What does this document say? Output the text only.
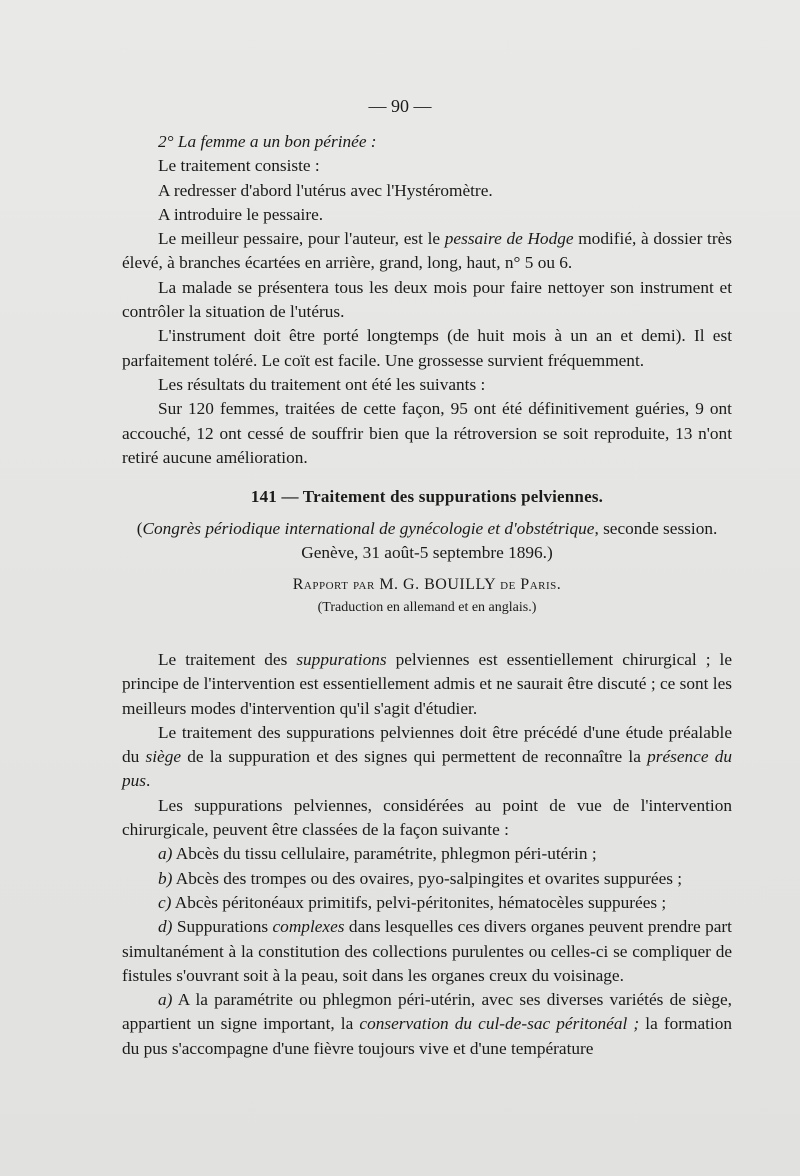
— 90 —

2° La femme a un bon périnée :

Le traitement consiste :

A redresser d'abord l'utérus avec l'Hystéromètre.

A introduire le pessaire.

Le meilleur pessaire, pour l'auteur, est le pessaire de Hodge modifié, à dossier très élevé, à branches écartées en arrière, grand, long, haut, n° 5 ou 6.

La malade se présentera tous les deux mois pour faire nettoyer son instrument et contrôler la situation de l'utérus.

L'instrument doit être porté longtemps (de huit mois à un an et demi). Il est parfaitement toléré. Le coït est facile. Une grossesse survient fréquemment.

Les résultats du traitement ont été les suivants :

Sur 120 femmes, traitées de cette façon, 95 ont été définitivement guéries, 9 ont accouché, 12 ont cessé de souffrir bien que la rétroversion se soit reproduite, 13 n'ont retiré aucune amélioration.

141 — Traitement des suppurations pelviennes.

(Congrès périodique international de gynécologie et d'obstétrique, seconde session.

Genève, 31 août-5 septembre 1896.)

Rapport par M. G. BOUILLY de Paris.

(Traduction en allemand et en anglais.)

Le traitement des suppurations pelviennes est essentiellement chirurgical ; le principe de l'intervention est essentiellement admis et ne saurait être discuté ; ce sont les meilleurs modes d'intervention qu'il s'agit d'étudier.

Le traitement des suppurations pelviennes doit être précédé d'une étude préalable du siège de la suppuration et des signes qui permettent de reconnaître la présence du pus.

Les suppurations pelviennes, considérées au point de vue de l'intervention chirurgicale, peuvent être classées de la façon suivante :

a) Abcès du tissu cellulaire, paramétrite, phlegmon péri-utérin ;

b) Abcès des trompes ou des ovaires, pyo-salpingites et ovarites suppurées ;

c) Abcès péritonéaux primitifs, pelvi-péritonites, hématocèles suppurées ;

d) Suppurations complexes dans lesquelles ces divers organes peuvent prendre part simultanément à la constitution des collections purulentes ou celles-ci se compliquer de fistules s'ouvrant soit à la peau, soit dans les organes creux du voisinage.

a) A la paramétrite ou phlegmon péri-utérin, avec ses diverses variétés de siège, appartient un signe important, la conservation du cul-de-sac péritonéal ; la formation du pus s'accompagne d'une fièvre toujours vive et d'une température
